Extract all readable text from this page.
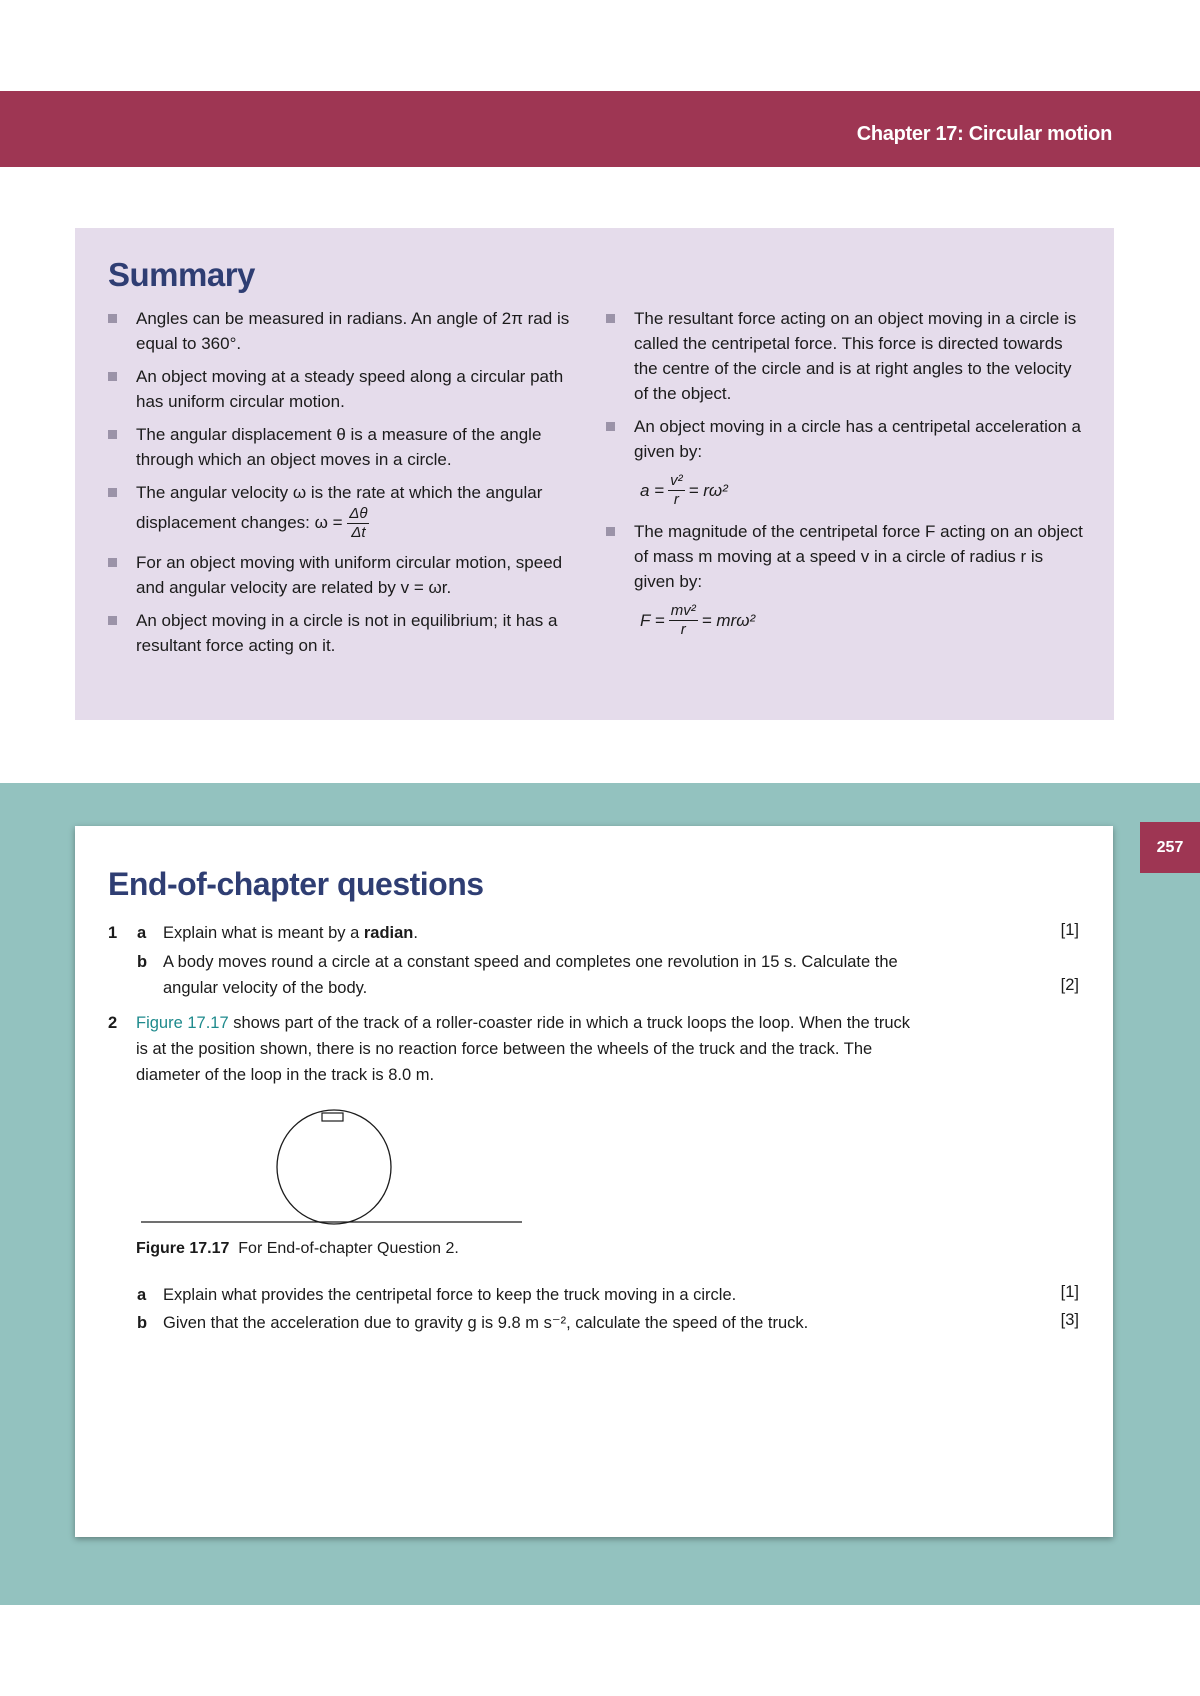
Chapter 17: Circular motion
Summary
Angles can be measured in radians. An angle of 2π rad is equal to 360°.
An object moving at a steady speed along a circular path has uniform circular motion.
The angular displacement θ is a measure of the angle through which an object moves in a circle.
The angular velocity ω is the rate at which the angular displacement changes: $\omega = \frac{\Delta\theta}{\Delta t}$
For an object moving with uniform circular motion, speed and angular velocity are related by v = ωr.
An object moving in a circle is not in equilibrium; it has a resultant force acting on it.
The resultant force acting on an object moving in a circle is called the centripetal force. This force is directed towards the centre of the circle and is at right angles to the velocity of the object.
An object moving in a circle has a centripetal acceleration a given by:
$a = \frac{\text{v²}}{r} = r\omega^2$
The magnitude of the centripetal force F acting on an object of mass m moving at a speed v in a circle of radius r is given by:
$F = \frac{\text{mv²}}{r} = mr\omega^2$
257
End-of-chapter questions
1 a Explain what is meant by a radian.	[1]
b A body moves round a circle at a constant speed and completes one revolution in 15 s. Calculate the
angular velocity of the body.	[2]
2 Figure 17.17 shows part of the track of a roller-coaster ride in which a truck loops the loop. When the truck
is at the position shown, there is no reaction force between the wheels of the truck and the track. The
diameter of the loop in the track is 8.0 m.
Figure 17.17 For End-of-chapter Question 2.
a Explain what provides the centripetal force to keep the truck moving in a circle.	[1]
b Given that the acceleration due to gravity g is 9.8 m s⁻², calculate the speed of the truck.	[3]
